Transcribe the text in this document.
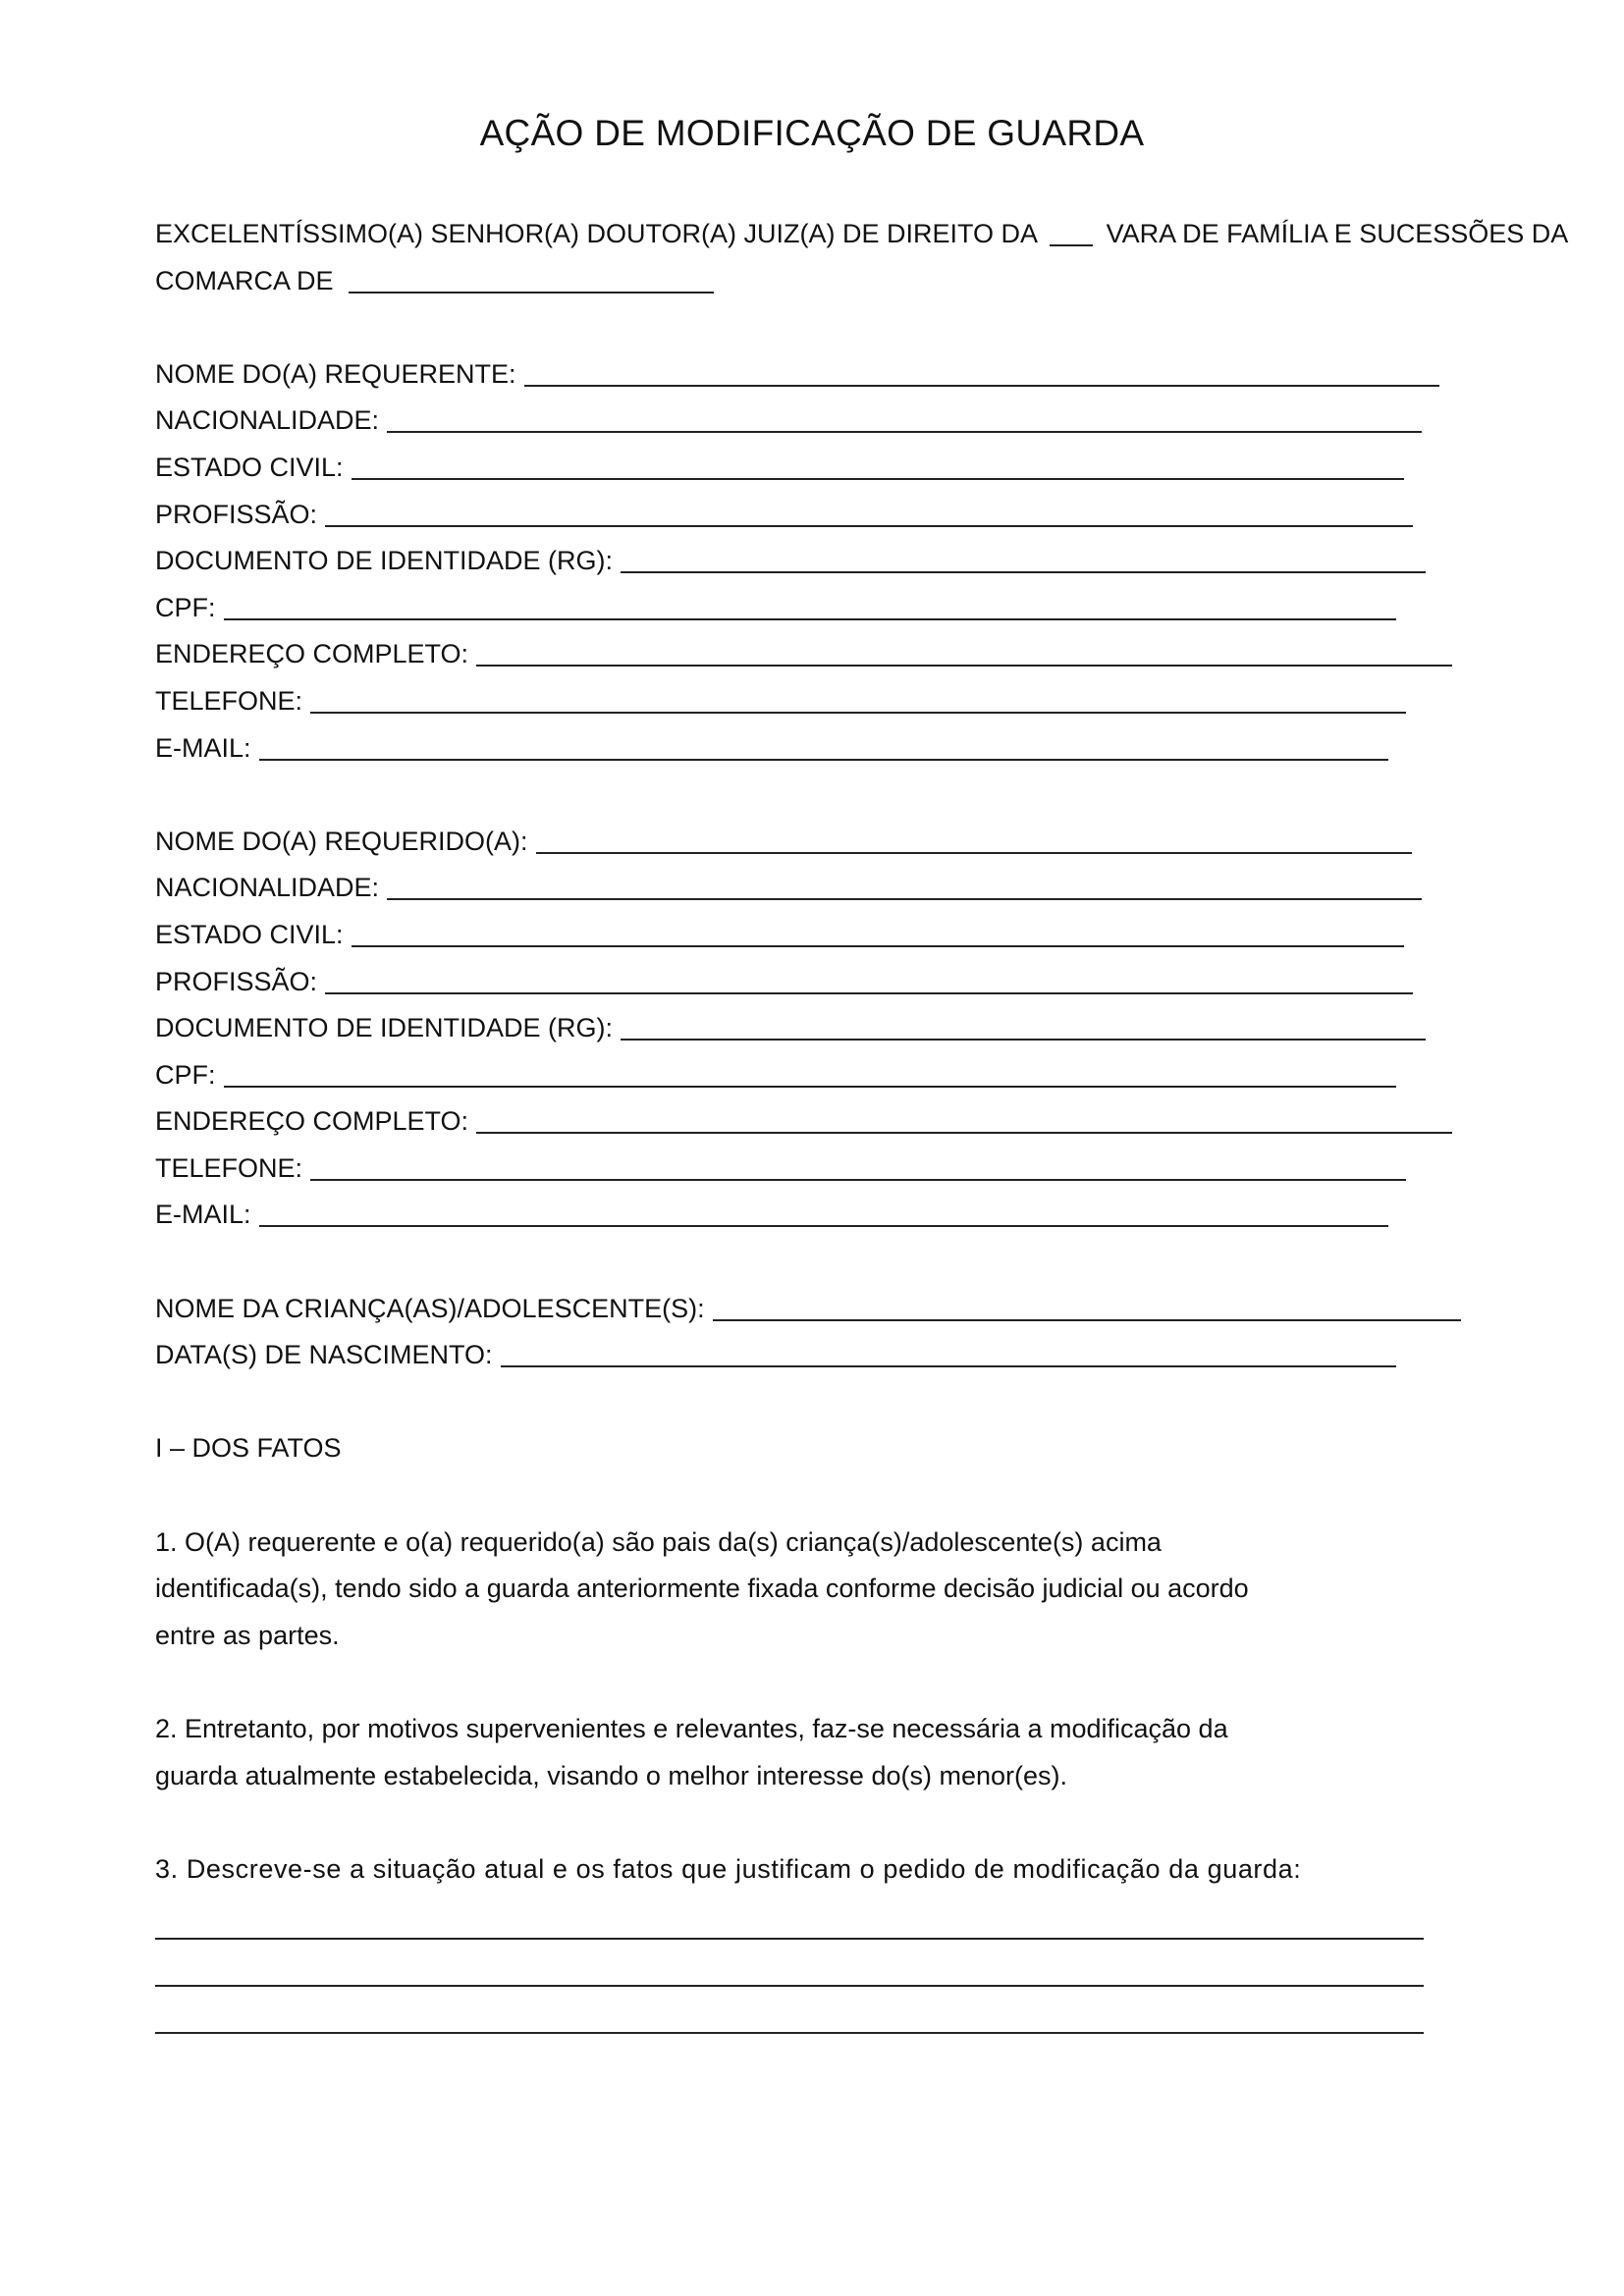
AÇÃO DE MODIFICAÇÃO DE GUARDA
EXCELENTÍSSIMO(A) SENHOR(A) DOUTOR(A) JUIZ(A) DE DIREITO DA	VARA DE FAMÍLIA E SUCESSÕES DA
COMARCA DE
NOME DO(A) REQUERENTE:
NACIONALIDADE:
ESTADO CIVIL:
PROFISSÃO:
DOCUMENTO DE IDENTIDADE (RG):
CPF:
ENDEREÇO COMPLETO:
TELEFONE:
E-MAIL:
NOME DO(A) REQUERIDO(A):
NACIONALIDADE:
ESTADO CIVIL:
PROFISSÃO:
DOCUMENTO DE IDENTIDADE (RG):
CPF:
ENDEREÇO COMPLETO:
TELEFONE:
E-MAIL:
NOME DA CRIANÇA(AS)/ADOLESCENTE(S):
DATA(S) DE NASCIMENTO:
I – DOS FATOS
1. O(A) requerente e o(a) requerido(a) são pais da(s) criança(s)/adolescente(s) acima
identificada(s), tendo sido a guarda anteriormente fixada conforme decisão judicial ou acordo
entre as partes.
2. Entretanto, por motivos supervenientes e relevantes, faz-se necessária a modificação da
guarda atualmente estabelecida, visando o melhor interesse do(s) menor(es).
3. Descreve-se a situação atual e os fatos que justificam o pedido de modificação da guarda:
